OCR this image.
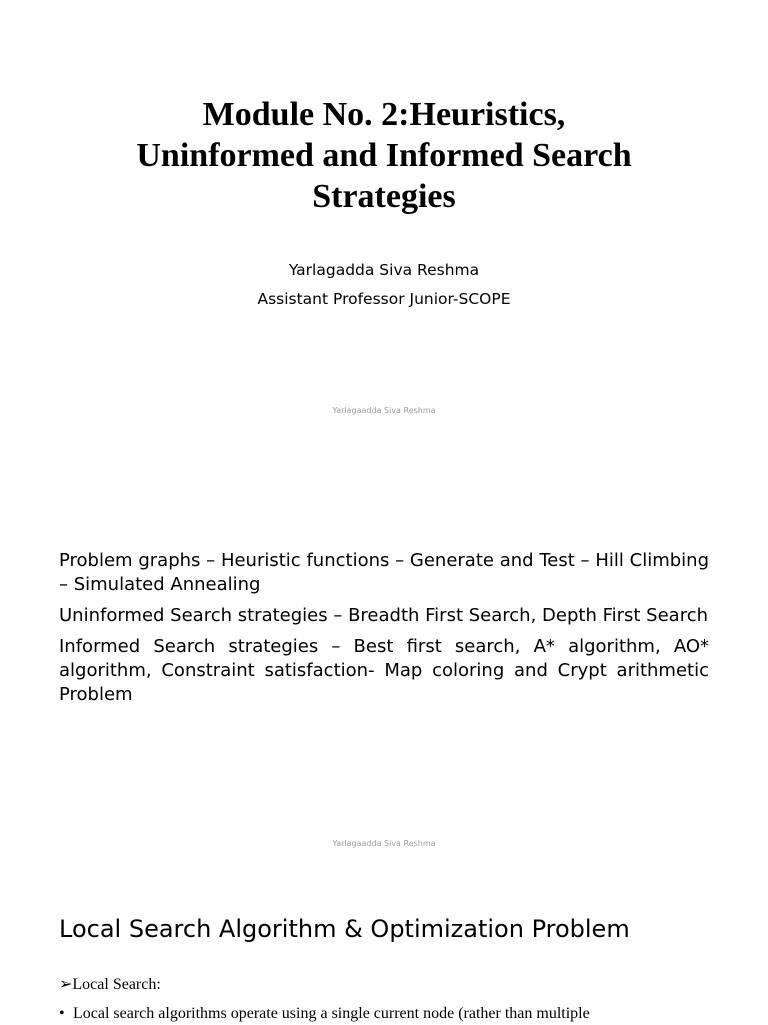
Module No. 2:Heuristics,
Uninformed and Informed Search
Strategies
Yarlagadda Siva Reshma
Assistant Professor Junior-SCOPE
Yarlagaadda Siva Reshma
Problem graphs – Heuristic functions – Generate and Test – Hill Climbing – Simulated Annealing
Uninformed Search strategies – Breadth First Search, Depth First Search
Informed Search strategies – Best first search, A* algorithm, AO* algorithm, Constraint satisfaction- Map coloring and Crypt arithmetic Problem
Yarlagaadda Siva Reshma
Local Search Algorithm & Optimization Problem
➢Local Search:
• Local search algorithms operate using a single current node (rather than multiple
